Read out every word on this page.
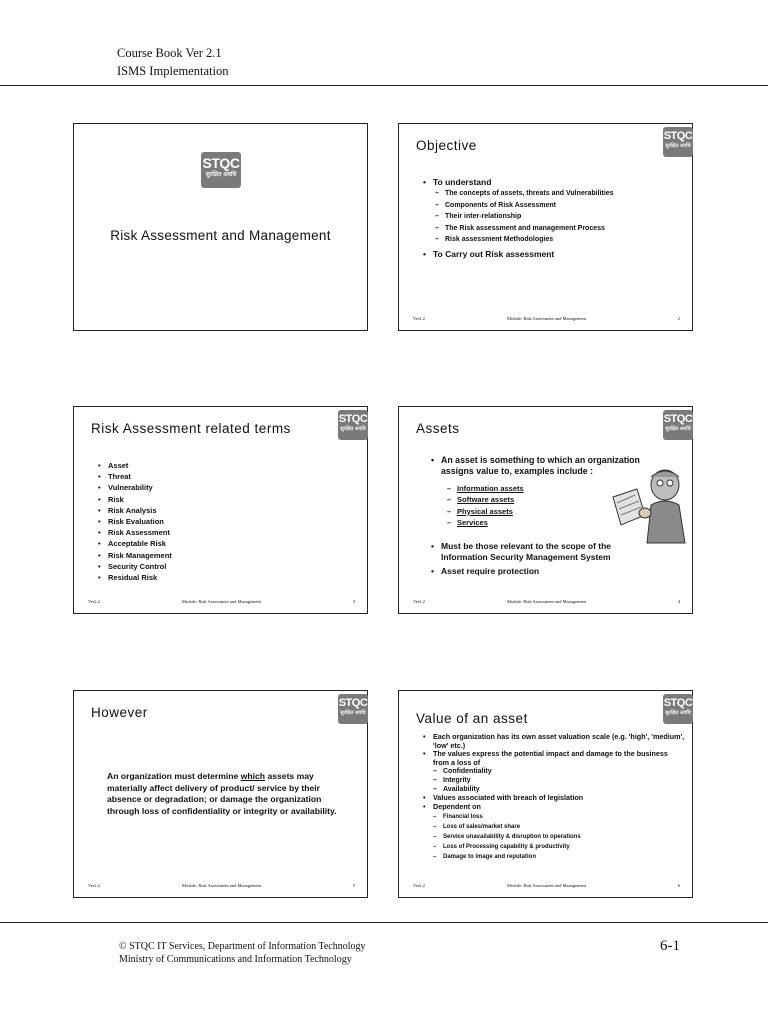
Course Book Ver 2.1
ISMS Implementation
STQC
सुरक्षित अवधि
Risk Assessment and Management
Objective
STQC
सुरक्षित अवधि
• To understand
– The concepts of assets, threats and Vulnerabilities
– Components of Risk Assessment
– Their inter-relationship
– The Risk assessment and management Process
– Risk assessment Methodologies
• To Carry out Risk assessment
Ver2.2	Module: Risk Assessment and Management	2
Risk Assessment related terms
STQC
सुरक्षित अवधि
• Asset
• Threat
• Vulnerability
• Risk
• Risk Analysis
• Risk Evaluation
• Risk Assessment
• Acceptable Risk
• Risk Management
• Security Control
• Residual Risk
Ver2.2	Module: Risk Assessment and Management	3
Assets
STQC
सुरक्षित अवधि
• An asset is something to which an organization assigns value to, examples include :
– Information assets
– Software assets
– Physical assets
– Services
• Must be those relevant to the scope of the Information Security Management System
• Asset require protection
Ver2.2	Module: Risk Assessment and Management	4
However
STQC
सुरक्षित अवधि
An organization must determine which assets may materially affect delivery of product/ service by their absence or degradation; or damage the organization through loss of confidentiality or integrity or availability.
Ver2.2	Module: Risk Assessment and Management	5
Value of an asset
STQC
सुरक्षित अवधि
• Each organization has its own asset valuation scale (e.g. 'high', 'medium', 'low' etc.)
• The values express the potential impact and damage to the business from a loss of
– Confidentiality
– Integrity
– Availability
• Values associated with breach of legislation
• Dependent on
– Financial loss
– Loss of sales/market share
– Service unavailability & disruption to operations
– Loss of Processing capability & productivity
– Damage to image and reputation
Ver2.2	Module: Risk Assessment and Management	6
© STQC IT Services, Department of Information Technology
Ministry of Communications and Information Technology
6-1
